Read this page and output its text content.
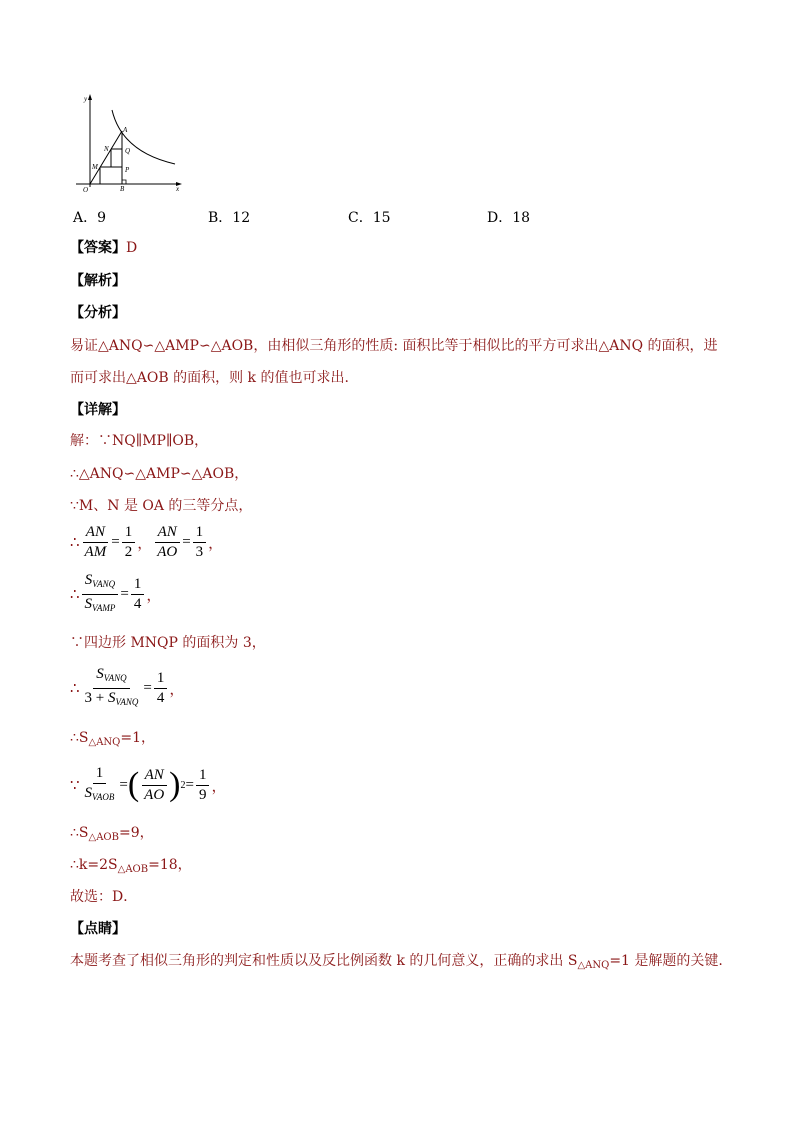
y
x
O
A
N Q
M	P
B
A．9	B．12	C．15	D．18
【答案】D
【解析】
【分析】
易证△ANQ∽△AMP∽△AOB，由相似三角形的性质: 面积比等于相似比的平方可求出△ANQ 的面积，进
而可求出△AOB 的面积，则 k 的值也可求出.
【详解】
解：∵NQ∥MP∥OB，
∴△ANQ∽△AMP∽△AOB，
∵M、N 是 OA 的三等分点，
∴ $\frac{AN}{AM} = \frac{1}{2}$ ， $\frac{AN}{AO} = \frac{1}{3}$ ，
∴ $\frac{S_{VANQ}}{S_{VAMP}} = \frac{1}{4}$ ，
∵四边形 MNQP 的面积为 3，
∴ $\frac{S_{VANQ}}{3 + S_{VANQ}} = \frac{1}{4}$ ，
$\therefore S_{\triangle ANQ}=1$，
∵ $\frac{1}{S_{VAOB}}$ = ( $\frac{AN}{AO}$ ) $2 = \frac{1}{9}$ ，
$\therefore S_{\triangle AOB}=9$，
$\therefore k=2S_{\triangle AOB}=18$，
故选：D．
【点睛】
本题考查了相似三角形的判定和性质以及反比例函数 k 的几何意义，正确的求出 $S_{\triangle ANQ}=1$ 是解题的关键.
